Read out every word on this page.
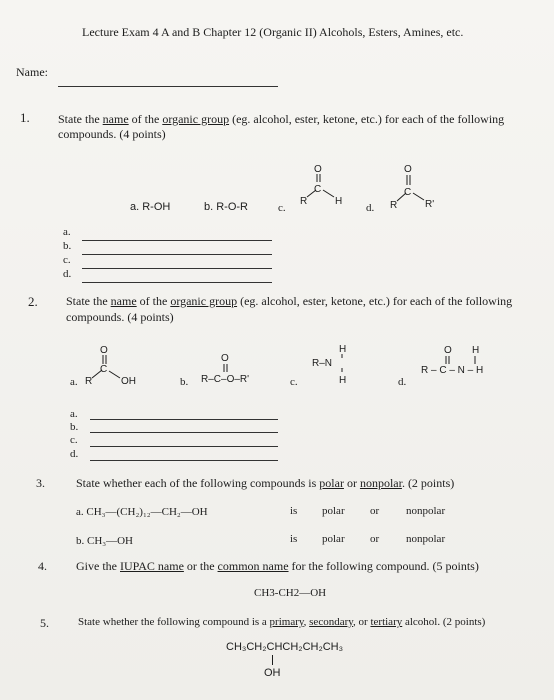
Lecture Exam 4 A and B Chapter 12 (Organic II) Alcohols, Esters, Amines, etc.
Name:
1. State the name of the organic group (eg. alcohol, ester, ketone, etc.) for each of the following
compounds. (4 points)
a. R-OH	b. R-O-R	c.	d.
R
C
H
O
R
C
R'
O
a.
b.
c.
d.
2. State the name of the organic group (eg. alcohol, ester, ketone, etc.) for each of the following
compounds. (4 points)
a.	b.	c.	d.
R
C
OH
O
R–C–O–R'
O	R–N
H
H
R – C – N – H
O H
a.
b.
c.
d.
3.	State whether each of the following compounds is polar or nonpolar. (2 points)
a. CH₃—(CH₂)₁₂—CH₂—OH	is polar or nonpolar
b. CH₃—OH	is polar or nonpolar
4. Give the IUPAC name or the common name for the following compound. (5 points)
CH3-CH2—OH
5.	State whether the following compound is a primary, secondary, or tertiary alcohol. (2 points)
CH₃CH₂CHCH₂CH₂CH₃
OH
